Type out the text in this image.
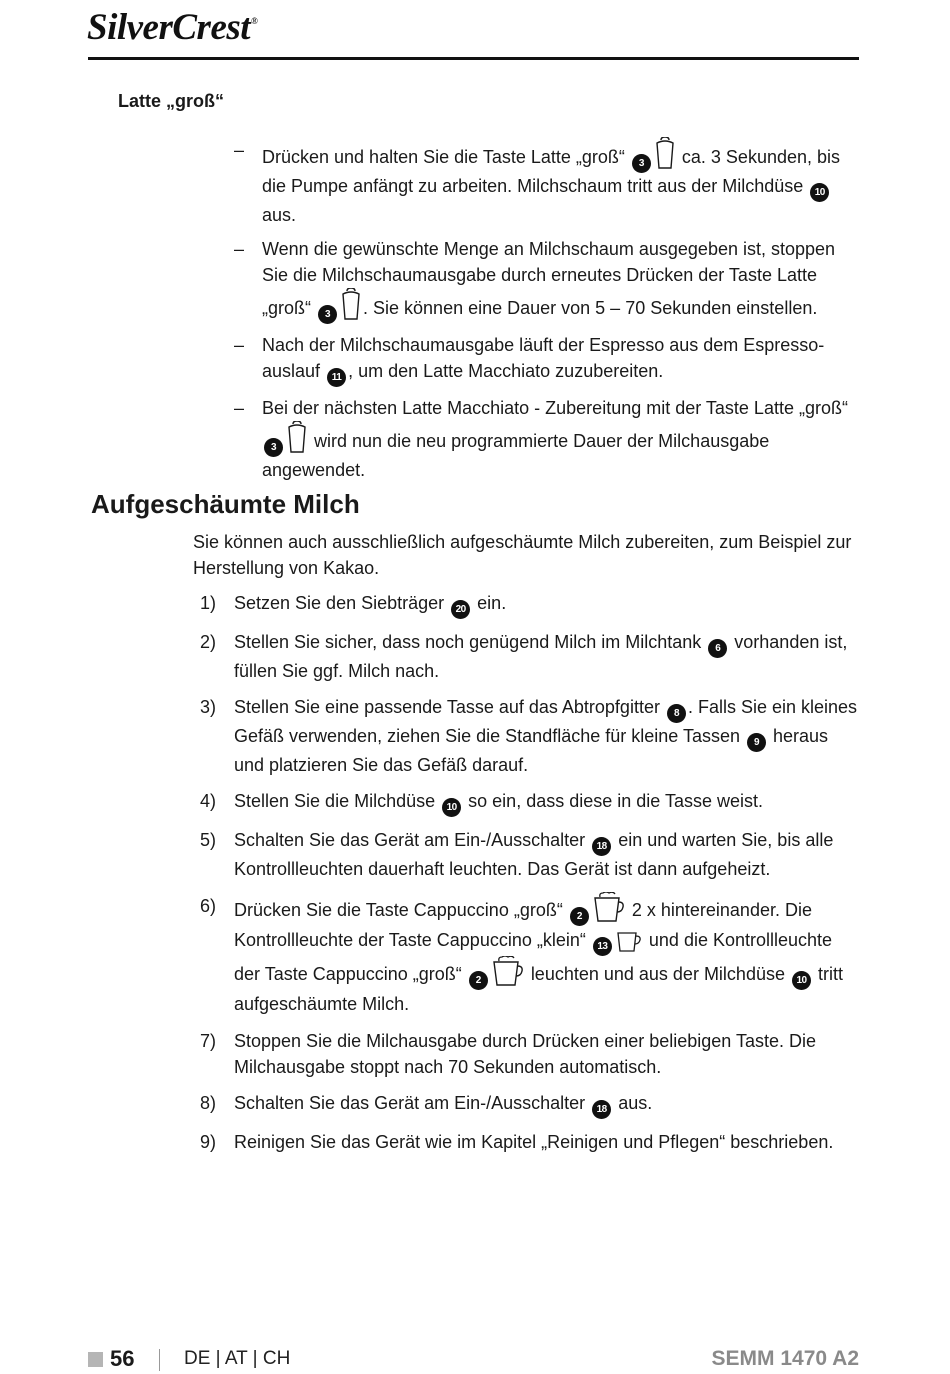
SilverCrest®
Latte „groß“
– Drücken und halten Sie die Taste Latte „groß“ 3 ca. 3 Sekunden, bis die Pumpe anfängt zu arbeiten. Milchschaum tritt aus der Milchdüse 10 aus.
– Wenn die gewünschte Menge an Milchschaum ausgegeben ist, stoppen Sie die Milchschaumausgabe durch erneutes Drücken der Taste Latte „groß“ 3 . Sie können eine Dauer von 5 – 70 Sekunden einstellen.
– Nach der Milchschaumausgabe läuft der Espresso aus dem Espresso-auslauf 11 , um den Latte Macchiato zuzubereiten.
– Bei der nächsten Latte Macchiato - Zubereitung mit der Taste Latte „groß“ 3 wird nun die neu programmierte Dauer der Milchausgabe angewendet.
Aufgeschäumte Milch
Sie können auch ausschließlich aufgeschäumte Milch zubereiten, zum Beispiel zur Herstellung von Kakao.
1) Setzen Sie den Siebträger 20 ein.
2) Stellen Sie sicher, dass noch genügend Milch im Milchtank 6 vorhanden ist, füllen Sie ggf. Milch nach.
3) Stellen Sie eine passende Tasse auf das Abtropfgitter 8 . Falls Sie ein kleines Gefäß verwenden, ziehen Sie die Standfläche für kleine Tassen 9 heraus und platzieren Sie das Gefäß darauf.
4) Stellen Sie die Milchdüse 10 so ein, dass diese in die Tasse weist.
5) Schalten Sie das Gerät am Ein-/Ausschalter 18 ein und warten Sie, bis alle Kontrollleuchten dauerhaft leuchten. Das Gerät ist dann aufgeheizt.
6) Drücken Sie die Taste Cappuccino „groß“ 2	2 x hintereinander. Die Kontrollleuchte der Taste Cappuccino „klein“ 13 und die Kontrollleuchte der Taste Cappuccino „groß“ 2	leuchten und aus der Milchdüse 10 tritt aufgeschäumte Milch.
7) Stoppen Sie die Milchausgabe durch Drücken einer beliebigen Taste. Die Milchausgabe stoppt nach 70 Sekunden automatisch.
8) Schalten Sie das Gerät am Ein-/Ausschalter 18 aus.
9) Reinigen Sie das Gerät wie im Kapitel „Reinigen und Pflegen“ beschrieben.
56	DE | AT | CH	SEMM 1470 A2
